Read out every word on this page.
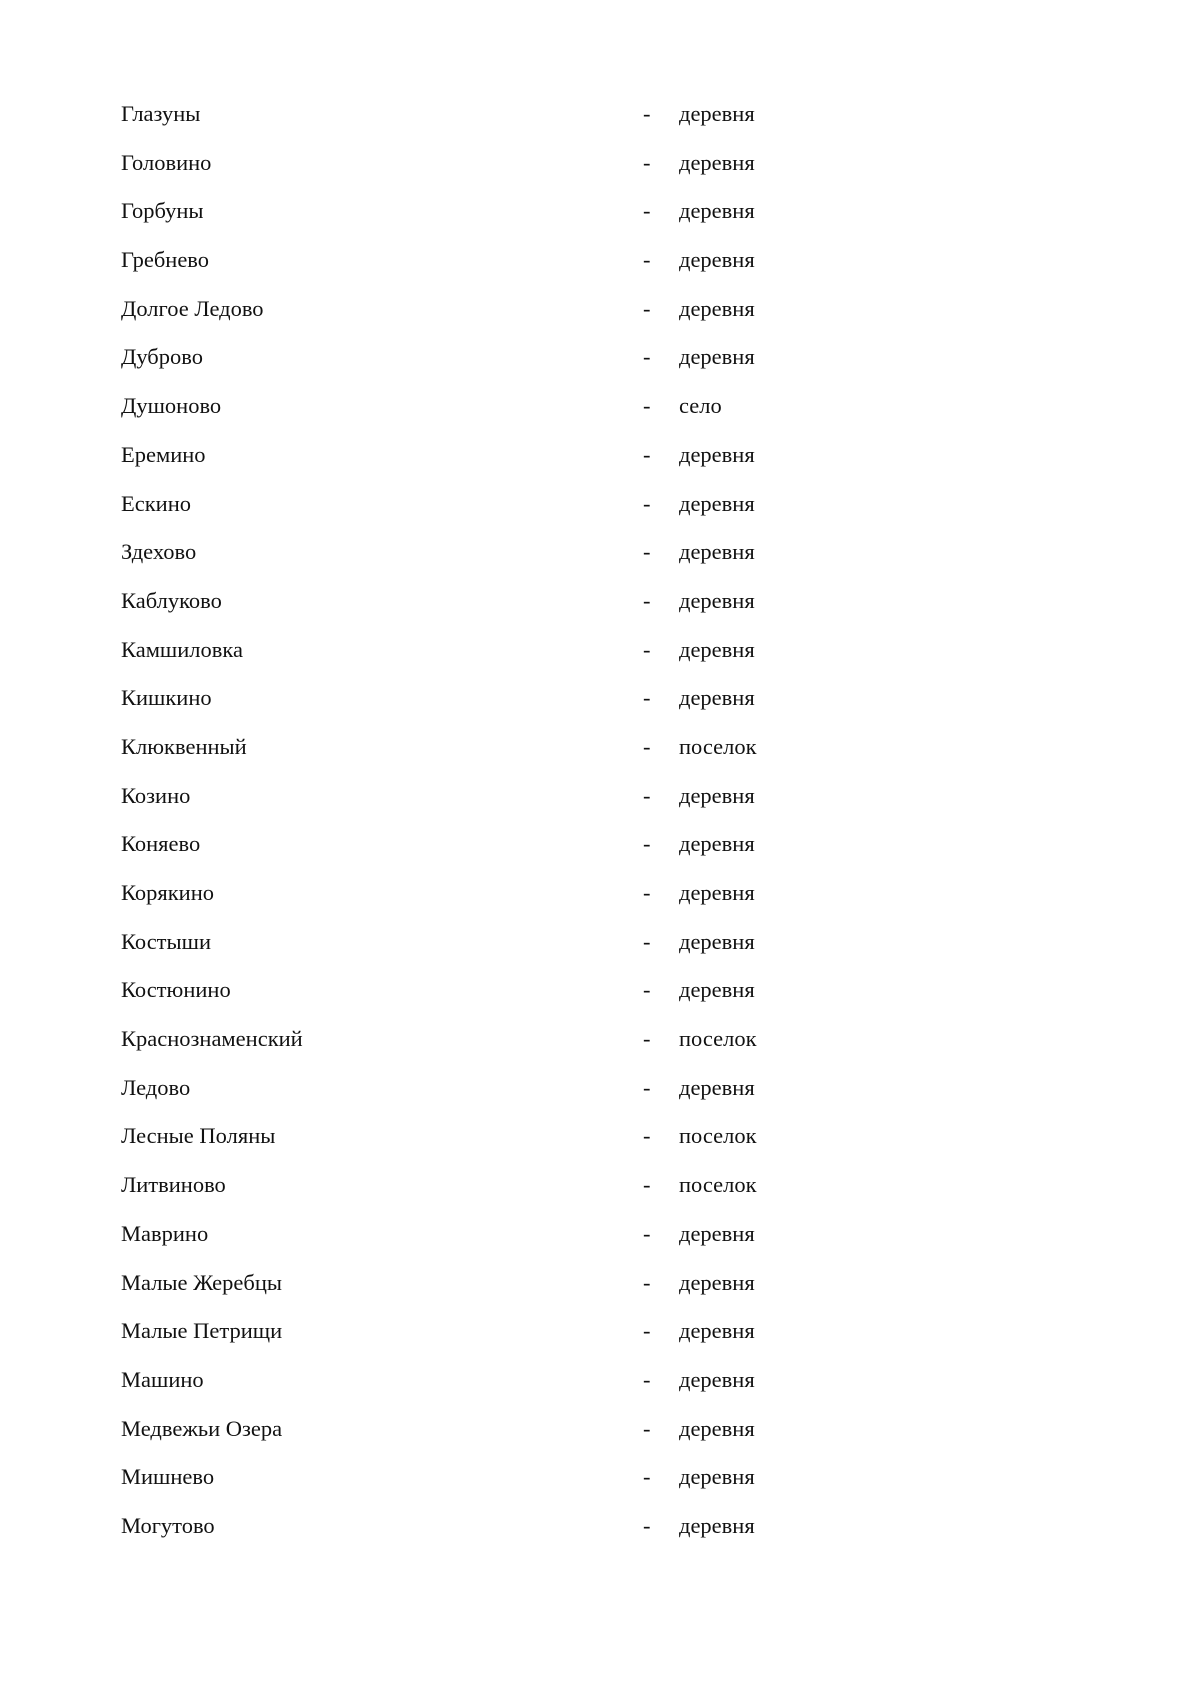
Глазуны	- деревня
Головино	- деревня
Горбуны	- деревня
Гребнево	- деревня
Долгое Ледово	- деревня
Дуброво	- деревня
Душоново	- село
Еремино	- деревня
Ескино	- деревня
Здехово	- деревня
Каблуково	- деревня
Камшиловка	- деревня
Кишкино	- деревня
Клюквенный	- поселок
Козино	- деревня
Коняево	- деревня
Корякино	- деревня
Костыши	- деревня
Костюнино	- деревня
Краснознаменский	- поселок
Ледово	- деревня
Лесные Поляны	- поселок
Литвиново	- поселок
Маврино	- деревня
Малые Жеребцы	- деревня
Малые Петрищи	- деревня
Машино	- деревня
Медвежьи Озера	- деревня
Мишнево	- деревня
Могутово	- деревня
